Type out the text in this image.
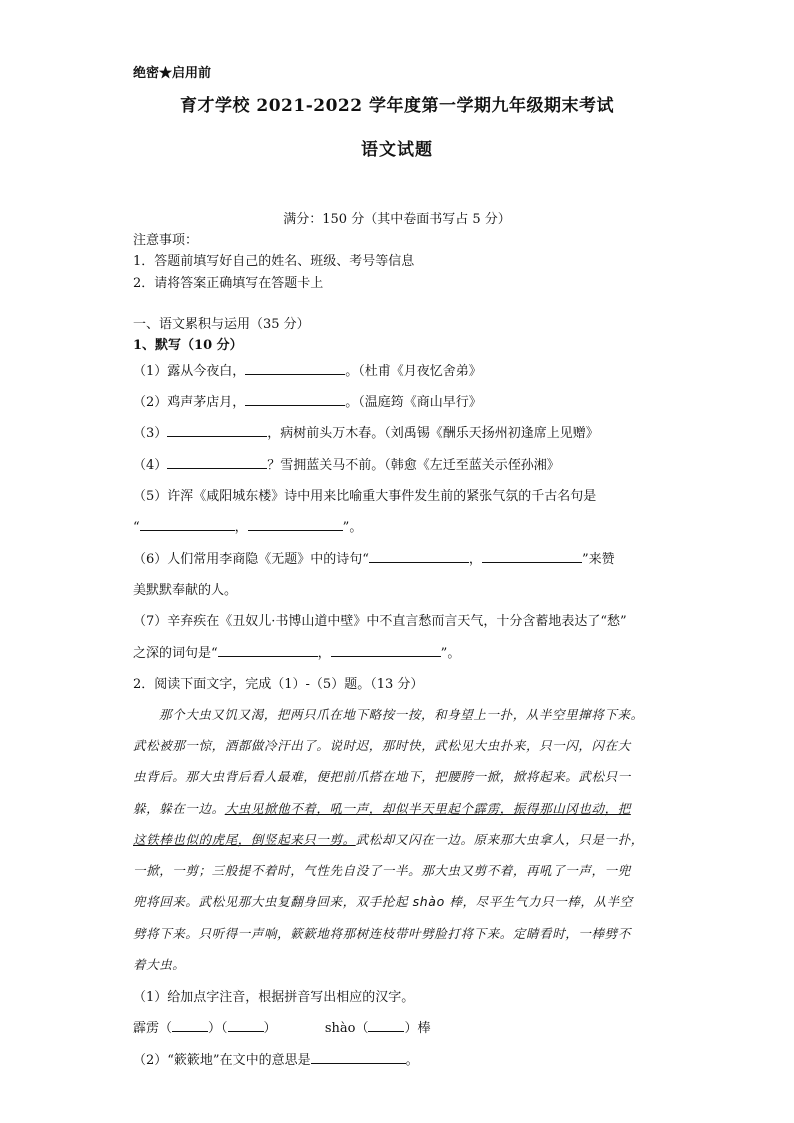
绝密★启用前
育才学校 2021-2022 学年度第一学期九年级期末考试
语文试题
满分：150 分（其中卷面书写占 5 分）
注意事项：
1．答题前填写好自己的姓名、班级、考号等信息
2．请将答案正确填写在答题卡上
一、语文累积与运用（35 分）
1、默写（10 分）
（1）露从今夜白，	。（杜甫《月夜忆舍弟》
（2）鸡声茅店月，	。（温庭筠《商山早行》
（3）	，病树前头万木春。（刘禹锡《酬乐天扬州初逢席上见赠》
（4）	？雪拥蓝关马不前。（韩愈《左迁至蓝关示侄孙湘》
（5）许浑《咸阳城东楼》诗中用来比喻重大事件发生前的紧张气氛的千古名句是
“	，	”。
（6）人们常用李商隐《无题》中的诗句“	，	”来赞
美默默奉献的人。
（7）辛弃疾在《丑奴儿·书博山道中壁》中不直言愁而言天气，十分含蓄地表达了“愁”
之深的词句是“	，	”。
2．阅读下面文字，完成（1）-（5）题。（13 分）
那个大虫又饥又渴，把两只爪在地下略按一按，和身望上一扑，从半空里撺将下来。
武松被那一惊，酒都做冷汗出了。说时迟，那时快，武松见大虫扑来，只一闪，闪在大
虫背后。那大虫背后看人最难，便把前爪搭在地下，把腰胯一掀，掀将起来。武松只一
躲，躲在一边。大虫见掀他不着，吼一声，却似半天里起个霹雳，振得那山冈也动，把
这铁棒也似的虎尾，倒竖起来只一剪。武松却又闪在一边。原来那大虫拿人，只是一扑，
一掀，一剪；三般提不着时，气性先自没了一半。那大虫又剪不着，再吼了一声，一兜
兜将回来。武松见那大虫复翻身回来，双手抡起 shào 棒，尽平生气力只一棒，从半空
劈将下来。只听得一声响，簌簌地将那树连枝带叶劈脸打将下来。定睛看时，一棒劈不
着大虫。
（1）给加点字注音，根据拼音写出相应的汉字。
霹雳（	）（	）	shào（	）棒
（2）“簌簌地”在文中的意思是	。
